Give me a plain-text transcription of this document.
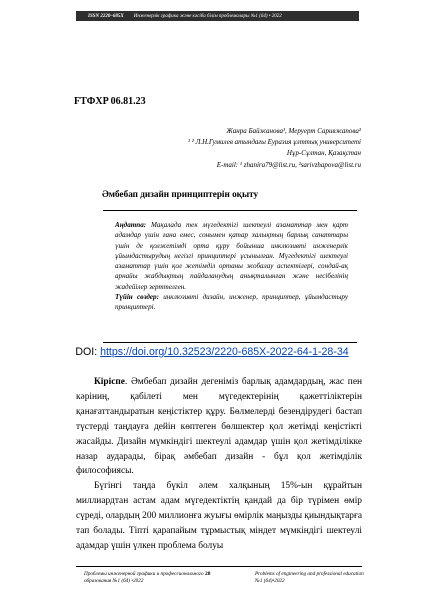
ISSN 2220–685X Инженерлік графика және кәсіби білім проблемалары №1 (64) • 2022
FTФXP 06.81.23
Жанра Байжанова¹, Меруерт Саривжапова²
¹ ² Л.Н.Гумилев атындағы Еуразия ұлттық университеті
Нұр-Сұлтан, Қазақстан
E-mail: ¹ zhanira79@list.ru, ²sarivzhapova@list.ru
Әмбебап дизайн принциптерін оқыту
Аңдатпа: Мақалада тек мүгедектігі шектеулі азаматтар мен қарт адамдар үшін ғана емес, сонымен қатар халықтың барлық санаттары үшін де қолжетімді орта құру бойынша инклюзивті инженерлік ұйымдастырудың негізгі принциптері ұсынылған. Мүгедектігі шектеулі азаматтар үшін қол жетімділ ортаны жобалау аспектілері, сондай-ақ арнайы жабдықтың пайдаланудың анықталынған және несібелінің жадейілер зерттелген.
Түйін сөздер: инклюзивті дизайн, инженер, принциптер, ұйымдастыру принциптері.
DOI: https://doi.org/10.32523/2220-685X-2022-64-1-28-34

Кіріспе. Әмбебап дизайн дегеніміз барлық адамдардың, жас пен кәріниң, қабілеті мен мүгедектерінің қажеттіліктерін қанағаттандыратын кеңістіктер құру. Бөлмелерді безендірудегі бастап түстерді таңдауға дейін көптеген бөлшектер қол жетімді кеңістікті жасайды. Дизайн мүмкіндігі шектеулі адамдар үшін қол жетімділікке назар аударады, бірақ әмбебап дизайн - бұл қол жетімділік философиясы.

Бүгінгі таңда бүкіл әлем халқының 15%-ын құрайтын миллиардтан астам адам мүгедектіктің қандай да бір түрімен өмір сүреді, олардың 200 миллионға жуығы өмірлік маңызды қиындықтарға тап болады. Тіпті қарапайым тұрмыстық міндет мүмкіндігі шектеулі адамдар үшін үлкен проблема болуы

Проблемы инженерной графики и профессионального образования №1 (64) •2022
28	Problems of engineering and professional education №1 (64)•2022
